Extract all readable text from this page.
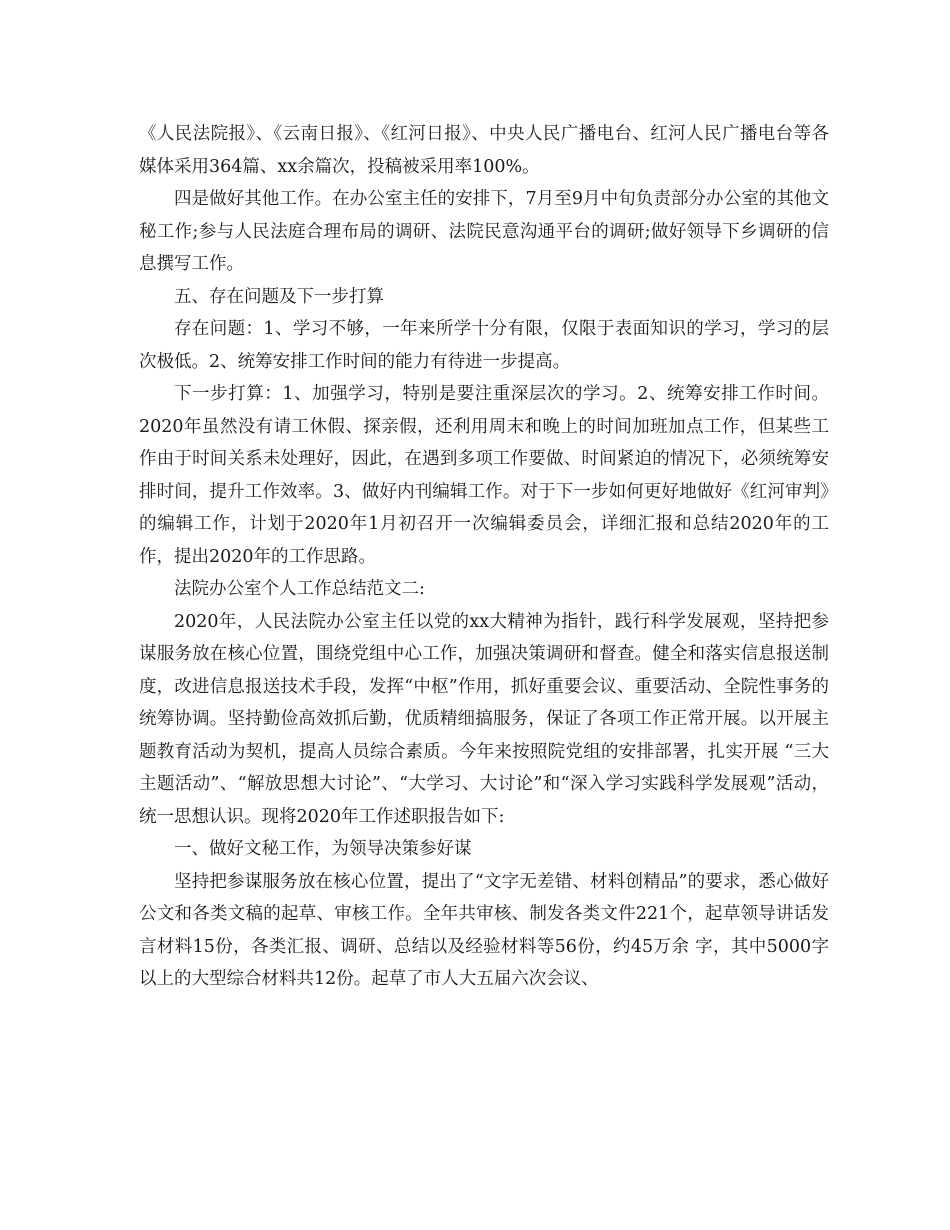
《人民法院报》、《云南日报》、《红河日报》、中央人民广播电台、红河人民广播电台等各媒体采用364篇、xx余篇次，投稿被采用率100%。

四是做好其他工作。在办公室主任的安排下，7月至9月中旬负责部分办公室的其他文秘工作;参与人民法庭合理布局的调研、法院民意沟通平台的调研;做好领导下乡调研的信息撰写工作。

五、存在问题及下一步打算

存在问题：1、学习不够，一年来所学十分有限，仅限于表面知识的学习，学习的层次极低。2、统筹安排工作时间的能力有待进一步提高。

下一步打算：1、加强学习，特别是要注重深层次的学习。2、统筹安排工作时间。2020年虽然没有请工休假、探亲假，还利用周末和晚上的时间加班加点工作，但某些工作由于时间关系未处理好，因此，在遇到多项工作要做、时间紧迫的情况下，必须统筹安排时间，提升工作效率。3、做好内刊编辑工作。对于下一步如何更好地做好《红河审判》的编辑工作，计划于2020年1月初召开一次编辑委员会，详细汇报和总结2020年的工作，提出2020年的工作思路。

法院办公室个人工作总结范文二:

2020年，人民法院办公室主任以党的xx大精神为指针，践行科学发展观，坚持把参谋服务放在核心位置，围绕党组中心工作，加强决策调研和督查。健全和落实信息报送制度，改进信息报送技术手段，发挥“中枢”作用，抓好重要会议、重要活动、全院性事务的统筹协调。坚持勤俭高效抓后勤，优质精细搞服务，保证了各项工作正常开展。以开展主题教育活动为契机，提高人员综合素质。今年来按照院党组的安排部署，扎实开展 “三大主题活动”、“解放思想大讨论”、“大学习、大讨论”和“深入学习实践科学发展观”活动，统一思想认识。现将2020年工作述职报告如下:

一、做好文秘工作，为领导决策参好谋

坚持把参谋服务放在核心位置，提出了“文字无差错、材料创精品”的要求，悉心做好公文和各类文稿的起草、审核工作。全年共审核、制发各类文件221个，起草领导讲话发言材料15份，各类汇报、调研、总结以及经验材料等56份，约45万余 字，其中5000字以上的大型综合材料共12份。起草了市人大五届六次会议、
